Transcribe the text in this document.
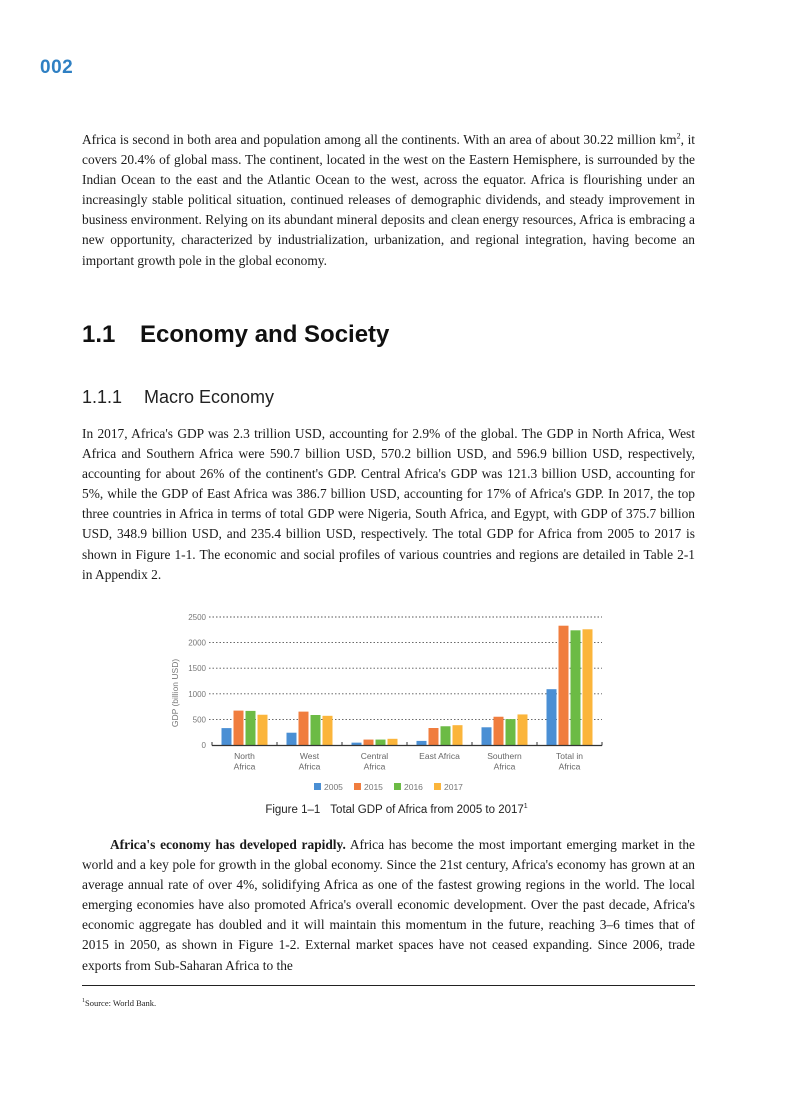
002

Africa is second in both area and population among all the continents. With an area of about 30.22 million $km^2$, it covers 20.4% of global mass. The continent, located in the west on the Eastern Hemisphere, is surrounded by the Indian Ocean to the east and the Atlantic Ocean to the west, across the equator. Africa is flourishing under an increasingly stable political situation, continued releases of demographic dividends, and steady improvement in business environment. Relying on its abundant mineral deposits and clean energy resources, Africa is embracing a new opportunity, characterized by industrialization, urbanization, and regional integration, having become an important growth pole in the global economy.

1.1 Economy and Society
1.1.1 Macro Economy

In 2017, Africa's GDP was 2.3 trillion USD, accounting for 2.9% of the global. The GDP in North Africa, West Africa and Southern Africa were 590.7 billion USD, 570.2 billion USD, and 596.9 billion USD, respectively, accounting for about 26% of the continent's GDP. Central Africa's GDP was 121.3 billion USD, accounting for 5%, while the GDP of East Africa was 386.7 billion USD, accounting for 17% of Africa's GDP. In 2017, the top three countries in Africa in terms of total GDP were Nigeria, South Africa, and Egypt, with GDP of 375.7 billion USD, 348.9 billion USD, and 235.4 billion USD, respectively. The total GDP for Africa from 2005 to 2017 is shown in Figure 1-1. The economic and social profiles of various countries and regions are detailed in Table 2-1 in Appendix 2.

0
500
1000
1500
2000
2500
North Africa
West Africa
Central Africa
East Africa	Southern Africa
Total in Africa
2005 2015 2016 2017
GDP (billion USD)
Figure 1–1 Total GDP of Africa from 2005 to 2017$^1$

Africa's economy has developed rapidly. Africa has become the most important emerging market in the world and a key pole for growth in the global economy. Since the 21st century, Africa's economy has grown at an average annual rate of over 4%, solidifying Africa as one of the fastest growing regions in the world. The local emerging economies have also promoted Africa's overall economic development. Over the past decade, Africa's economic aggregate has doubled and it will maintain this momentum in the future, reaching 3–6 times that of 2015 in 2050, as shown in Figure 1-2. External market spaces have not ceased expanding. Since 2006, trade exports from Sub-Saharan Africa to the

$^1$Source: World Bank.
